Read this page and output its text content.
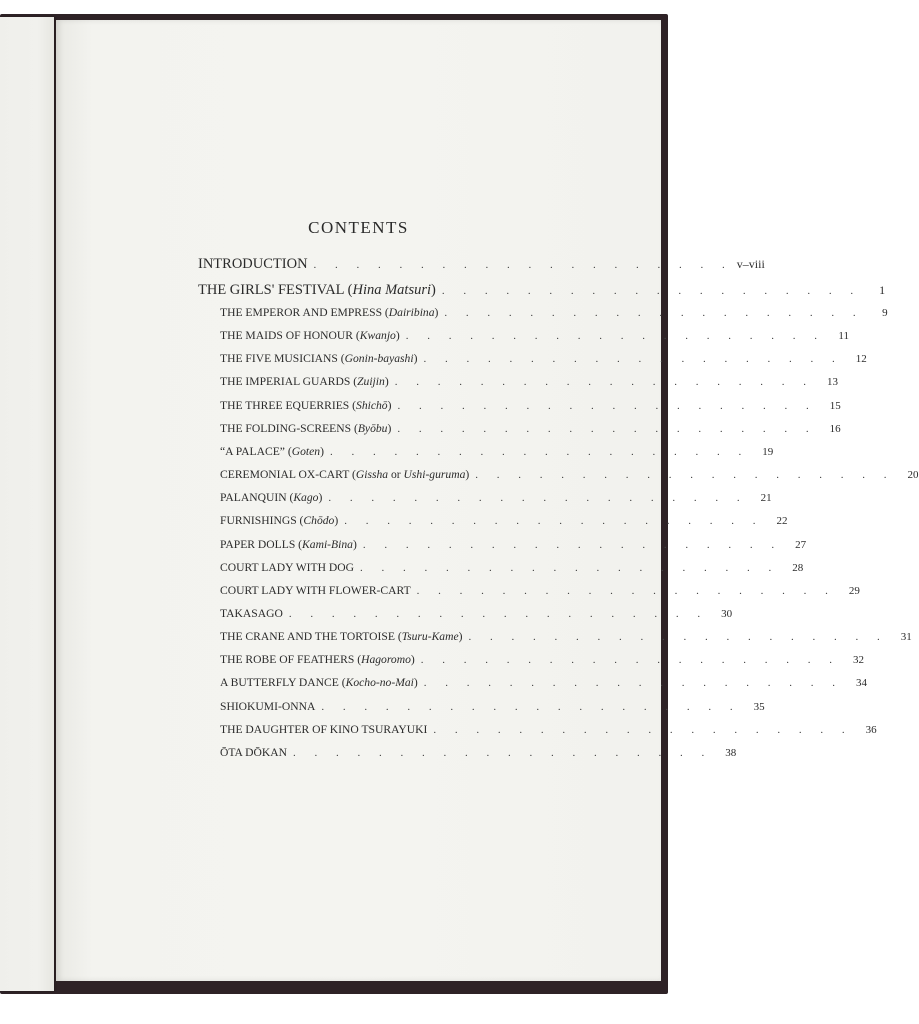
CONTENTS
INTRODUCTION . . . . . . . . . . . . . . . . . . . . v–viii
THE GIRLS' FESTIVAL (Hina Matsuri) . . . . . . . . . . . . . . . . . . . .	1
THE EMPEROR AND EMPRESS (Dairibina) . . . . . . . . . . . . . . . . . . . .	9
THE MAIDS OF HONOUR (Kwanjo) . . . . . . . . . . . . . . . . . . . .	11
THE FIVE MUSICIANS (Gonin-bayashi) . . . . . . . . . . . . . . . . . . . .	12
THE IMPERIAL GUARDS (Zuijin) . . . . . . . . . . . . . . . . . . . .	13
THE THREE EQUERRIES (Shichō) . . . . . . . . . . . . . . . . . . . .	15
THE FOLDING-SCREENS (Byōbu) . . . . . . . . . . . . . . . . . . . .	16
“A PALACE” (Goten) . . . . . . . . . . . . . . . . . . . .	19
CEREMONIAL OX-CART (Gissha or Ushi-guruma) . . . . . . . . . . . . . . . . . . . .	20
PALANQUIN (Kago) . . . . . . . . . . . . . . . . . . . .	21
FURNISHINGS (Chōdo) . . . . . . . . . . . . . . . . . . . .	22
PAPER DOLLS (Kami-Bina) . . . . . . . . . . . . . . . . . . . .	27
COURT LADY WITH DOG . . . . . . . . . . . . . . . . . . . .	28
COURT LADY WITH FLOWER-CART . . . . . . . . . . . . . . . . . . . .	29
TAKASAGO . . . . . . . . . . . . . . . . . . . .	30
THE CRANE AND THE TORTOISE (Tsuru-Kame) . . . . . . . . . . . . . . . . . . . .	31
THE ROBE OF FEATHERS (Hagoromo) . . . . . . . . . . . . . . . . . . . .	32
A BUTTERFLY DANCE (Kocho-no-Mai) . . . . . . . . . . . . . . . . . . . .	34
SHIOKUMI-ONNA . . . . . . . . . . . . . . . . . . . .	35
THE DAUGHTER OF KINO TSURAYUKI . . . . . . . . . . . . . . . . . . . .	36
ŌTA DŌKAN . . . . . . . . . . . . . . . . . . . .	38
